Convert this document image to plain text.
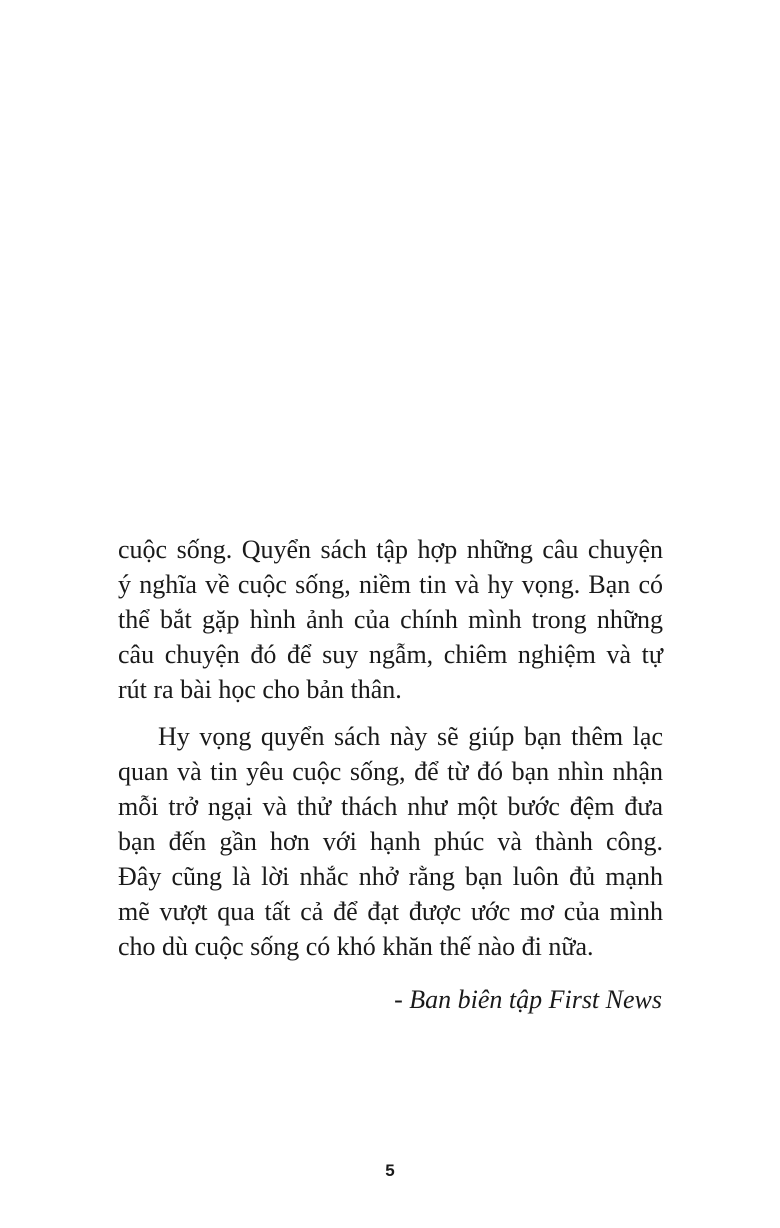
cuộc sống. Quyển sách tập hợp những câu chuyện
ý nghĩa về cuộc sống, niềm tin và hy vọng. Bạn có
thể bắt gặp hình ảnh của chính mình trong những
câu chuyện đó để suy ngẫm, chiêm nghiệm và tự
rút ra bài học cho bản thân.
Hy vọng quyển sách này sẽ giúp bạn thêm lạc
quan và tin yêu cuộc sống, để từ đó bạn nhìn nhận
mỗi trở ngại và thử thách như một bước đệm đưa
bạn đến gần hơn với hạnh phúc và thành công.
Đây cũng là lời nhắc nhở rằng bạn luôn đủ mạnh
mẽ vượt qua tất cả để đạt được ước mơ của mình
cho dù cuộc sống có khó khăn thế nào đi nữa.
- Ban biên tập First News
5
